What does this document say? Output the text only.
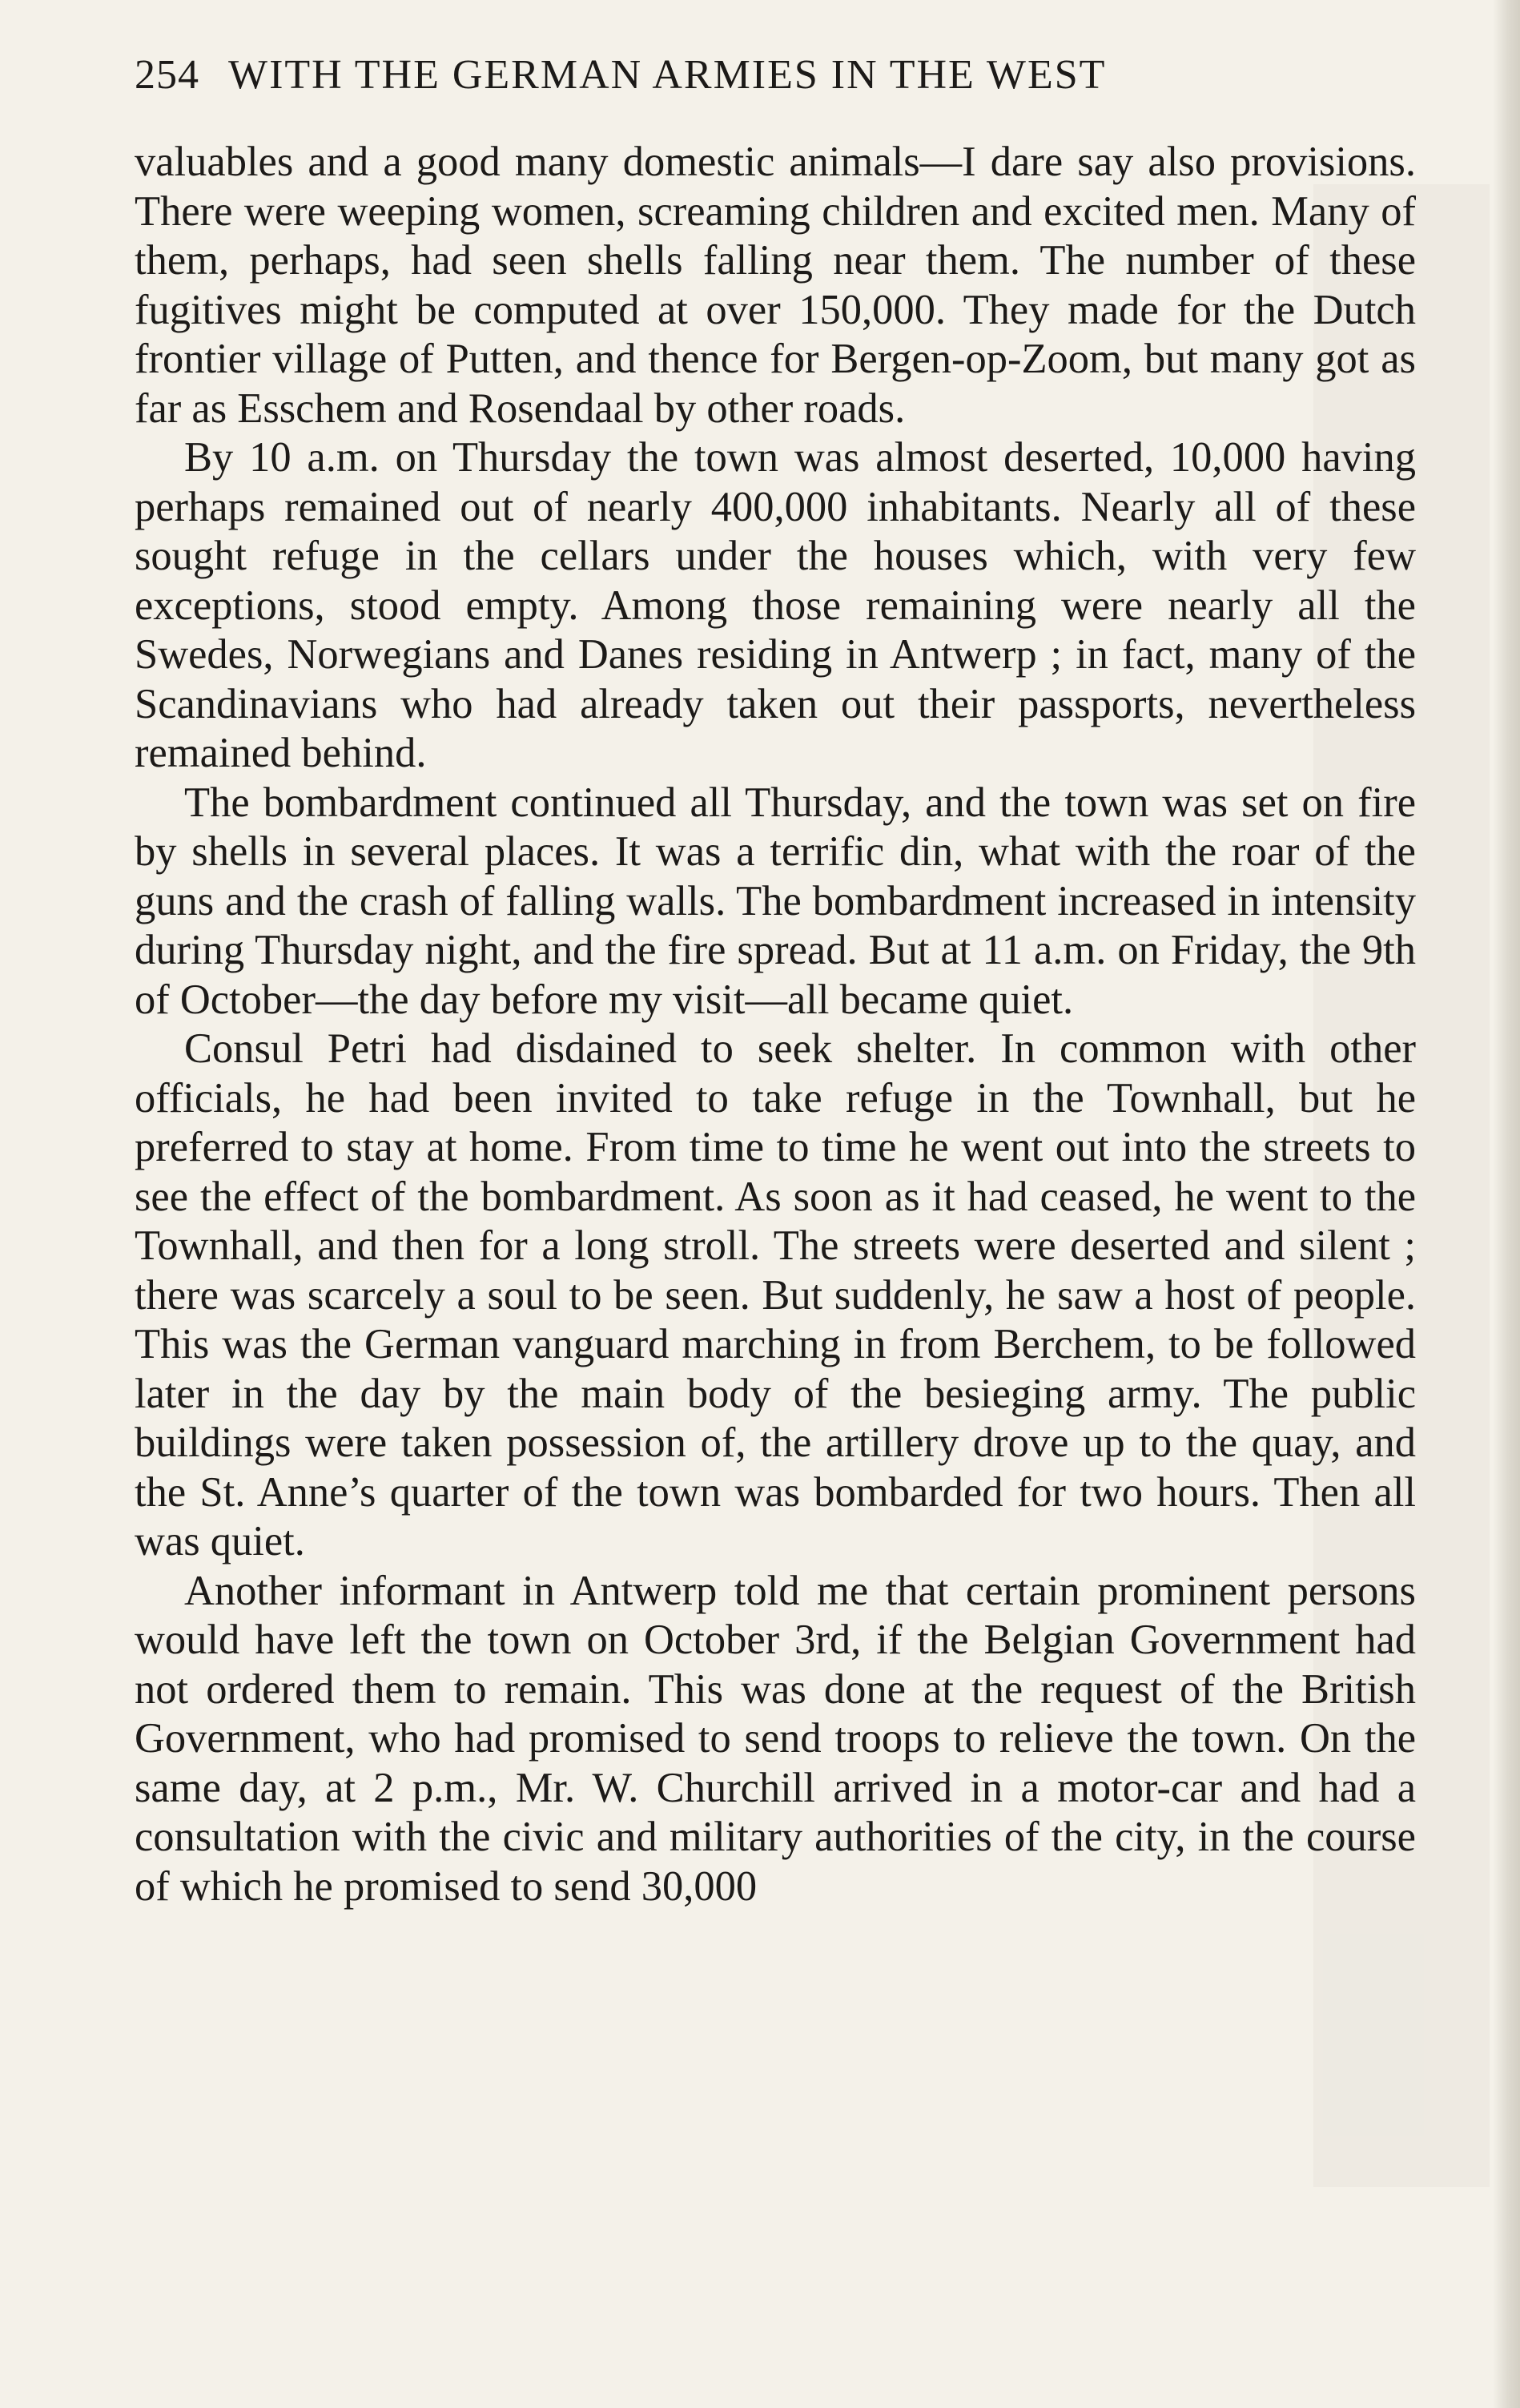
254 WITH THE GERMAN ARMIES IN THE WEST

valuables and a good many domestic animals—I dare say also provisions. There were weeping women, screaming children and excited men. Many of them, perhaps, had seen shells falling near them. The number of these fugitives might be computed at over 150,000. They made for the Dutch frontier village of Putten, and thence for Bergen-op-Zoom, but many got as far as Esschem and Rosendaal by other roads.

By 10 a.m. on Thursday the town was almost deserted, 10,000 having perhaps remained out of nearly 400,000 inhabitants. Nearly all of these sought refuge in the cellars under the houses which, with very few exceptions, stood empty. Among those remaining were nearly all the Swedes, Norwegians and Danes residing in Antwerp ; in fact, many of the Scandinavians who had already taken out their passports, nevertheless remained behind.

The bombardment continued all Thursday, and the town was set on fire by shells in several places. It was a terrific din, what with the roar of the guns and the crash of falling walls. The bombardment increased in intensity during Thursday night, and the fire spread. But at 11 a.m. on Friday, the 9th of October—the day before my visit—all became quiet.

Consul Petri had disdained to seek shelter. In common with other officials, he had been invited to take refuge in the Townhall, but he preferred to stay at home. From time to time he went out into the streets to see the effect of the bombardment. As soon as it had ceased, he went to the Townhall, and then for a long stroll. The streets were deserted and silent ; there was scarcely a soul to be seen. But suddenly, he saw a host of people. This was the German vanguard marching in from Berchem, to be followed later in the day by the main body of the besieging army. The public buildings were taken possession of, the artillery drove up to the quay, and the St. Anne’s quarter of the town was bombarded for two hours. Then all was quiet.

Another informant in Antwerp told me that certain prominent persons would have left the town on October 3rd, if the Belgian Government had not ordered them to remain. This was done at the request of the British Government, who had promised to send troops to relieve the town. On the same day, at 2 p.m., Mr. W. Churchill arrived in a motor-car and had a consultation with the civic and military authorities of the city, in the course of which he promised to send 30,000
